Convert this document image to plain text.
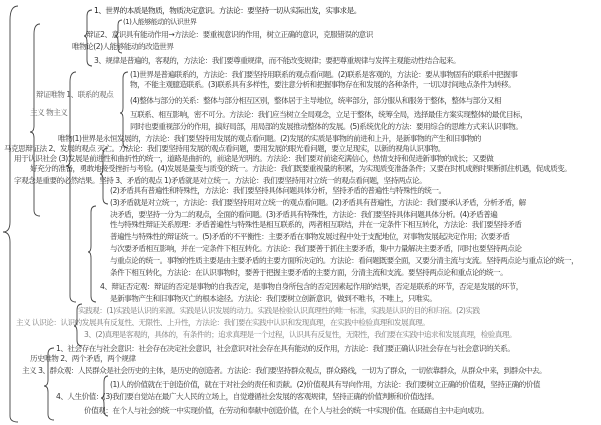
1、世界的本质是物质，物质决定意识。方法论：要坚持一切从实际出发，实事求是。
(1)人能够能动的认识世界
辩证2、意识具有能动作用→方法论：要重视意识的作用，树立正确的意识，克服错误的意识
唯物论(2)人能够能动的改造世界
3、规律是普遍的，客观的，方法论：我们要尊重规律，而不能改变规律；要把尊重规律与发挥主观能动性结合起来。
(1)世界是普遍联系的，方法论：我们要坚持用联系的观点看问题。(2)联系是客观的，方法论：要从事物固有的联系中把握事
物，不能主观臆造联系。(3)联系具有多样性，要注意分析和把握事物存在和发展的各种条件，一切以时间地点条件为转移。
辩证唯物 1、联系的观点
(4)整体与部分的关系：整体与部分相互区别，整体居于主导地位，统率部分，部分服从和服务于整体，整体与部分又相
主义 物主义	互联系、相互影响，密不可分。方法论：我们应当树立全局观念，立足于整体，统筹全局，选择最佳方案实现整体的最优目标，
同时也要重视部分的作用，搞好局部，用局部的发展推动整体的发展。(5)系统优化的方法：要用综合的思维方式来认识事物。
唯物(1)世界是永恒发展的，方法论：我们要坚持用发展的观点看问题。(2)发展的实质是事物的前进和上升，是新事物的产生和旧事物的
马克思辩证法 2、发展的观点 灭亡。方法论：我们要坚持用发展的观点看问题，要用发展的眼光看问题，要立足现实，以新的视角认识事物。
用于认识社会 (3)发展是前进性和曲折性的统一，道路是曲折的，前途是光明的。方法论：我们要对前途充满信心，热情支持和促进新事物的成长；又要做
好充分的准备，勇敢地接受挫折与考验。(4)发展是量变与质变的统一。方法论：我们既要重视量的积累，为实现质变准备条件；又要在时机成熟时果断抓住机遇，促成质变。
字观念是重要的必然结果。坚持 3、矛盾的观点 1)矛盾就是对立统一。方法论：我们要坚持用对立统一的观点看问题，坚持两点论。
(2)矛盾具有普遍性和特殊性，方法论：我们要坚持具体问题具体分析，坚持矛盾的普遍性与特殊性的统一。
(3)矛盾就是对立统一，方法论：我们要坚持用对立统一的观点看问题。(2)矛盾具有普遍性，方法论：我们要承认矛盾，分析矛盾，解
决矛盾，要坚持一分为二的观点，全面的看问题。(3)矛盾具有特殊性，方法论：我们要坚持具体问题具体分析。(4)矛盾普遍
性与特殊性辩证关系原理：矛盾普遍性与特殊性是相互联系的，两者相互联结，并在一定条件下相互转化，方法论：我们要坚持矛盾
普遍性与特殊性的辩证统一。(5)矛盾的不平衡性：主要矛盾在事物发展过程中处于支配地位，对事物发展起决定作用；次要矛盾
与次要矛盾相互影响，并在一定条件下相互转化。方法论：我们要善于抓住主要矛盾，集中力量解决主要矛盾，同时也要坚持两点论
与重点论的统一。事物的性质主要是由主要矛盾的主要方面所决定的。方法论：看问题既要全面，又要分清主流与支流。坚持两点论与重点论的统一，
条件下相互转化，方法论：在认识事物时，要善于把握主要矛盾的主要方面，分清主流和支流。要坚持两点论和重点论的统一。
4、辩证否定观：辩证的否定是事物的自我否定，是事物自身所包含的否定因素起作用的结果，否定是联系的环节，否定是发展的环节，
是新事物产生和旧事物灭亡的根本途径。方法论：我们要树立创新意识，做到不唯书，不唯上，只唯实。
实践观：(1)实践是认识的来源。实践是认识发展的动力。实践是检验认识真理性的唯一标准，实践是认识的目的和归宿。(2)实践
主义 认识论：认识的发展具有反复性、无限性、上升性，方法论：我们要在实践中认识和发现真理，在实践中检验真理和发展真理。
3、(2)真理是客观的，具体的，有条件的；追求真理是一个过程，认识具有反复性，无限性，我们要在实践中追求和发展真理，检验真理。
1、社会存在与社会意识：社会存在决定社会意识，社会意识对社会存在具有能动的反作用，方法论：我们要正确认识社会存在与社会意识的关系。
历史唯物 2、两个矛盾，两个规律
主义 3、群众观：人民群众是社会历史的主体，是历史的创造者。方法论：我们要坚持群众观点，群众路线，一切为了群众，一切依靠群众，从群众中来，到群众中去。
(1)人的价值就在于创造价值，就在于对社会的责任和贡献。(2)价值观具有导向作用，方法论：我们要树立正确的价值观，坚持正确的价值
4、人生价值：(3)我们要自觉站在最广大人民的立场上，自觉遵循社会发展的客观规律，坚持正确的价值判断和价值选择。
价值观：在个人与社会的统一中实现价值，在劳动和奉献中创造价值，在个人与社会的统一中实现价值。在砥砺自主中走向成功。
